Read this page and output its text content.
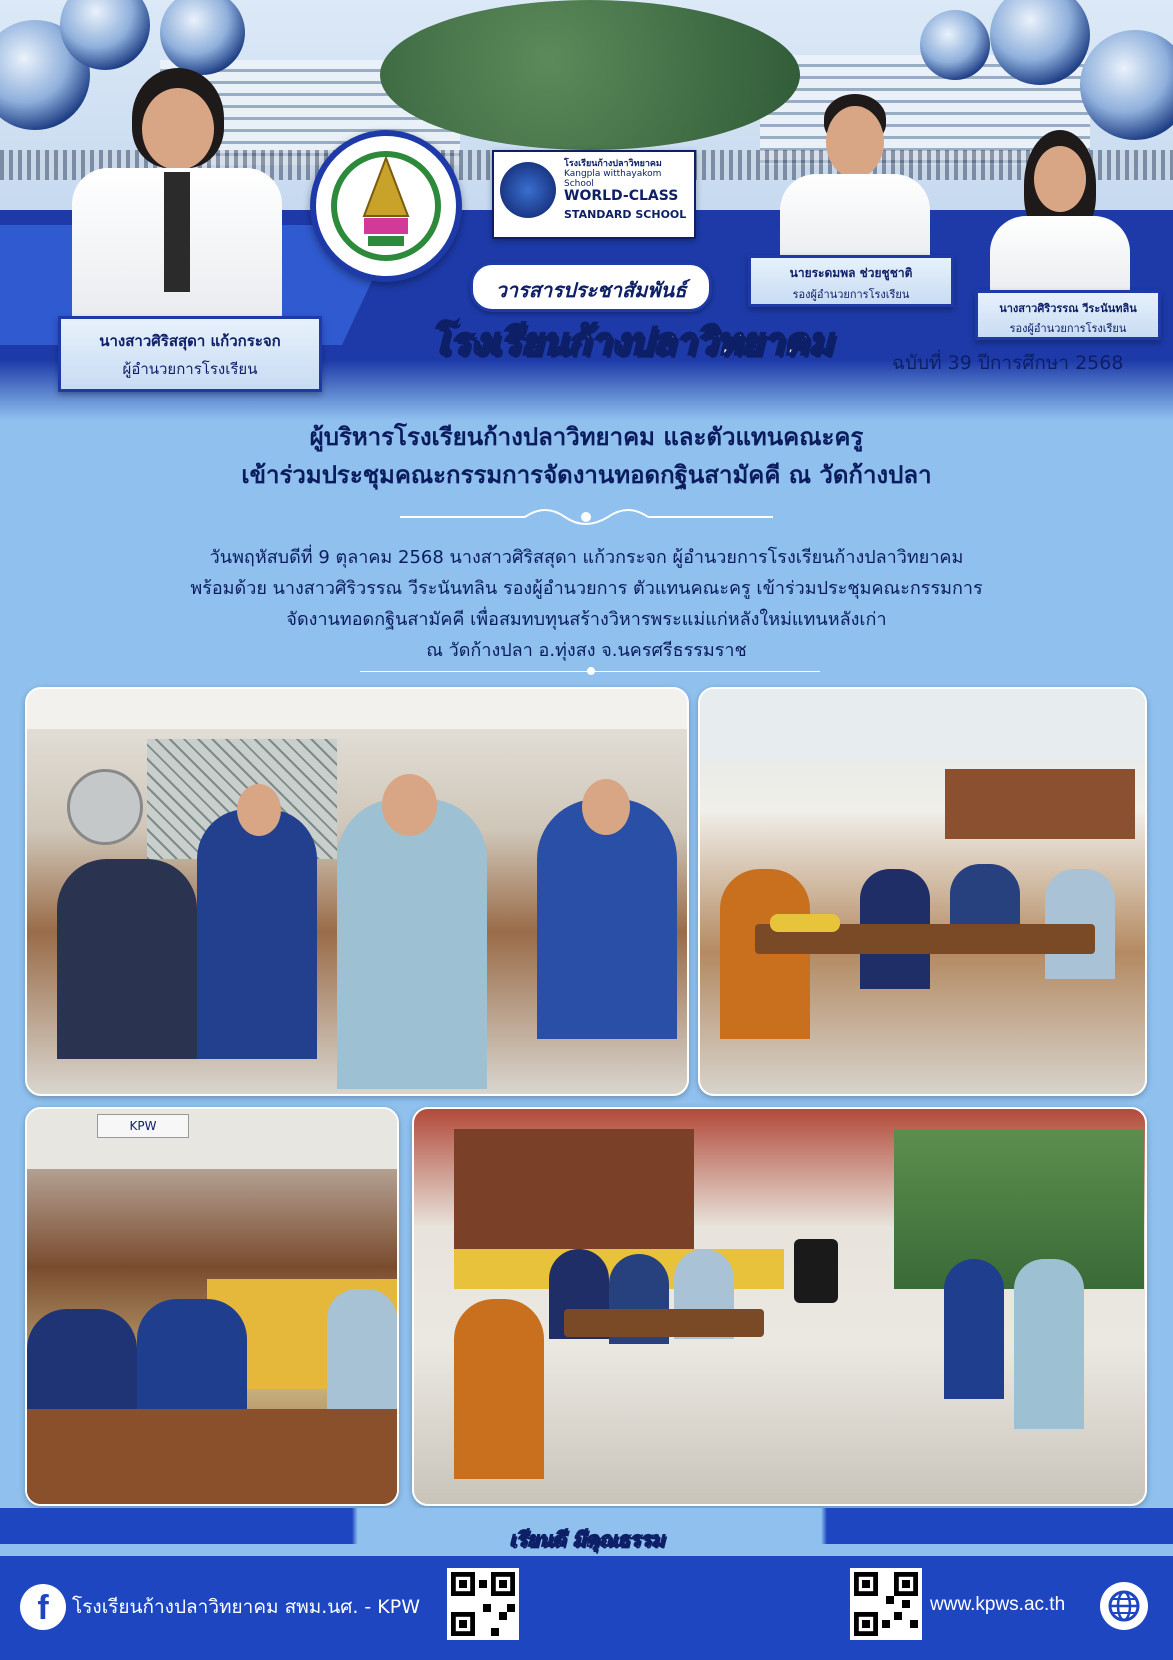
นางสาวศิริสสุดา แก้วกระจก
ผู้อำนวยการโรงเรียน
โรงเรียนก้างปลาวิทยาคม
Kangpla witthayakom School
WORLD-CLASS
STANDARD SCHOOL
วารสารประชาสัมพันธ์
โรงเรียนก้างปลาวิทยาคม	ฉบับที่ 39 ปีการศึกษา 2568
นายระดมพล ช่วยชูชาติ
รองผู้อำนวยการโรงเรียน
นางสาวศิริวรรณ วีระนันทลิน
รองผู้อำนวยการโรงเรียน
ผู้บริหารโรงเรียนก้างปลาวิทยาคม และตัวแทนคณะครู
เข้าร่วมประชุมคณะกรรมการจัดงานทอดกฐินสามัคคี ณ วัดก้างปลา
วันพฤหัสบดีที่ 9 ตุลาคม 2568 นางสาวศิริสสุดา แก้วกระจก ผู้อำนวยการโรงเรียนก้างปลาวิทยาคม
พร้อมด้วย นางสาวศิริวรรณ วีระนันทลิน รองผู้อำนวยการ ตัวแทนคณะครู เข้าร่วมประชุมคณะกรรมการ
จัดงานทอดกฐินสามัคคี เพื่อสมทบทุนสร้างวิหารพระแม่แก่หลังใหม่แทนหลังเก่า
ณ วัดก้างปลา อ.ทุ่งสง จ.นครศรีธรรมราช
KPW
เรียนดี มีคุณธรรม
f	โรงเรียนก้างปลาวิทยาคม สพม.นศ. - KPW	www.kpws.ac.th
